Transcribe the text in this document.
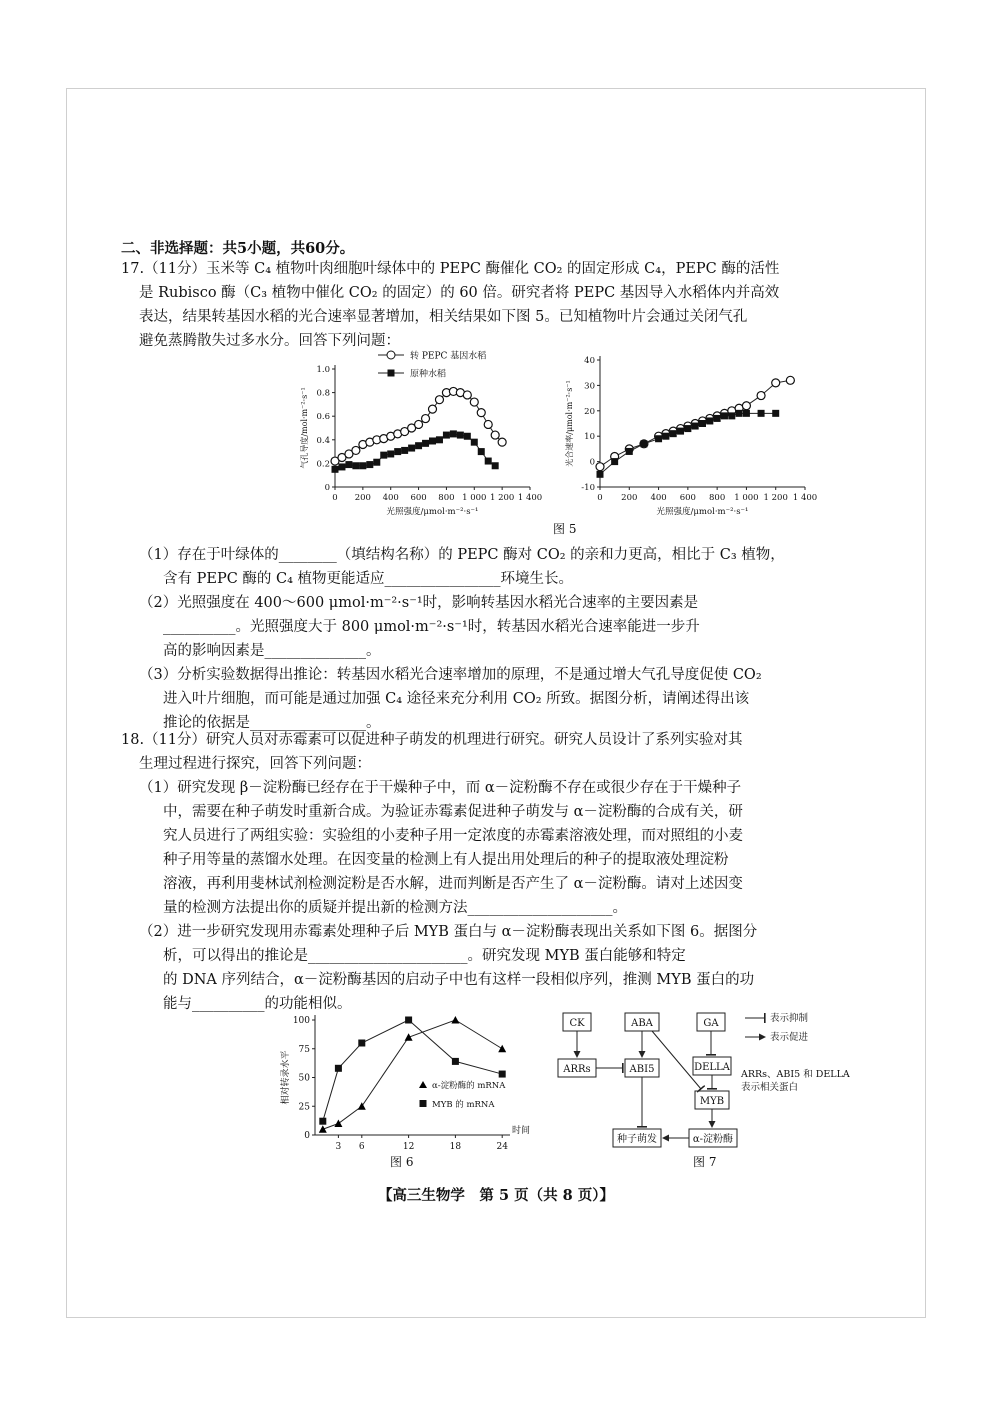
二、非选择题：共5小题，共60分。
17.（11分）玉米等 C₄ 植物叶肉细胞叶绿体中的 PEPC 酶催化 CO₂ 的固定形成 C₄，PEPC 酶的活性
是 Rubisco 酶（C₃ 植物中催化 CO₂ 的固定）的 60 倍。研究者将 PEPC 基因导入水稻体内并高效
表达，结果转基因水稻的光合速率显著增加，相关结果如下图 5。已知植物叶片会通过关闭气孔
避免蒸腾散失过多水分。回答下列问题：
（1）存在于叶绿体的________（填结构名称）的 PEPC 酶对 CO₂ 的亲和力更高，相比于 C₃ 植物，
含有 PEPC 酶的 C₄ 植物更能适应________________环境生长。
（2）光照强度在 400～600 μmol·m⁻²·s⁻¹时，影响转基因水稻光合速率的主要因素是
__________。光照强度大于 800 μmol·m⁻²·s⁻¹时，转基因水稻光合速率能进一步升
高的影响因素是______________。
（3）分析实验数据得出推论：转基因水稻光合速率增加的原理，不是通过增大气孔导度促使 CO₂
进入叶片细胞，而可能是通过加强 C₄ 途径来充分利用 CO₂ 所致。据图分析，请阐述得出该
推论的依据是________________。
18.（11分）研究人员对赤霉素可以促进种子萌发的机理进行研究。研究人员设计了系列实验对其
生理过程进行探究，回答下列问题：
（1）研究发现 β－淀粉酶已经存在于干燥种子中，而 α－淀粉酶不存在或很少存在于干燥种子
中，需要在种子萌发时重新合成。为验证赤霉素促进种子萌发与 α－淀粉酶的合成有关，研
究人员进行了两组实验：实验组的小麦种子用一定浓度的赤霉素溶液处理，而对照组的小麦
种子用等量的蒸馏水处理。在因变量的检测上有人提出用处理后的种子的提取液处理淀粉
溶液，再利用斐林试剂检测淀粉是否水解，进而判断是否产生了 α－淀粉酶。请对上述因变
量的检测方法提出你的质疑并提出新的检测方法____________________。
（2）进一步研究发现用赤霉素处理种子后 MYB 蛋白与 α－淀粉酶表现出关系如下图 6。据图分
析，可以得出的推论是______________________。研究发现 MYB 蛋白能够和特定
的 DNA 序列结合，α－淀粉酶基因的启动子中也有这样一段相似序列，推测 MYB 蛋白的功
能与__________的功能相似。
0 200 400 600 800 1 000 1 200 1 400
0
0.2
0.4
0.6
0.8
1.0
光照强度/μmol·m⁻²·s⁻¹
气孔导度/mol·m⁻²·s⁻¹
转 PEPC 基因水稻
原种水稻
0 200 400 600 800 1 000 1 200 1 400
-10
0
10
20
30
40
光照强度/μmol·m⁻²·s⁻¹
光合速率/μmol·m⁻²·s⁻¹
图 5
3 6	12	18	24
0
25
50
75
100
时间
相对转录水平	α-淀粉酶的 mRNA
MYB 的 mRNA
图 6
CK	ABA	GA
ARRs	ABI5	DELLA
MYB
种子萌发	α-淀粉酶
表示抑制
表示促进
ARRs、ABI5 和 DELLA
表示相关蛋白
图 7
【高三生物学　第 5 页（共 8 页）】
